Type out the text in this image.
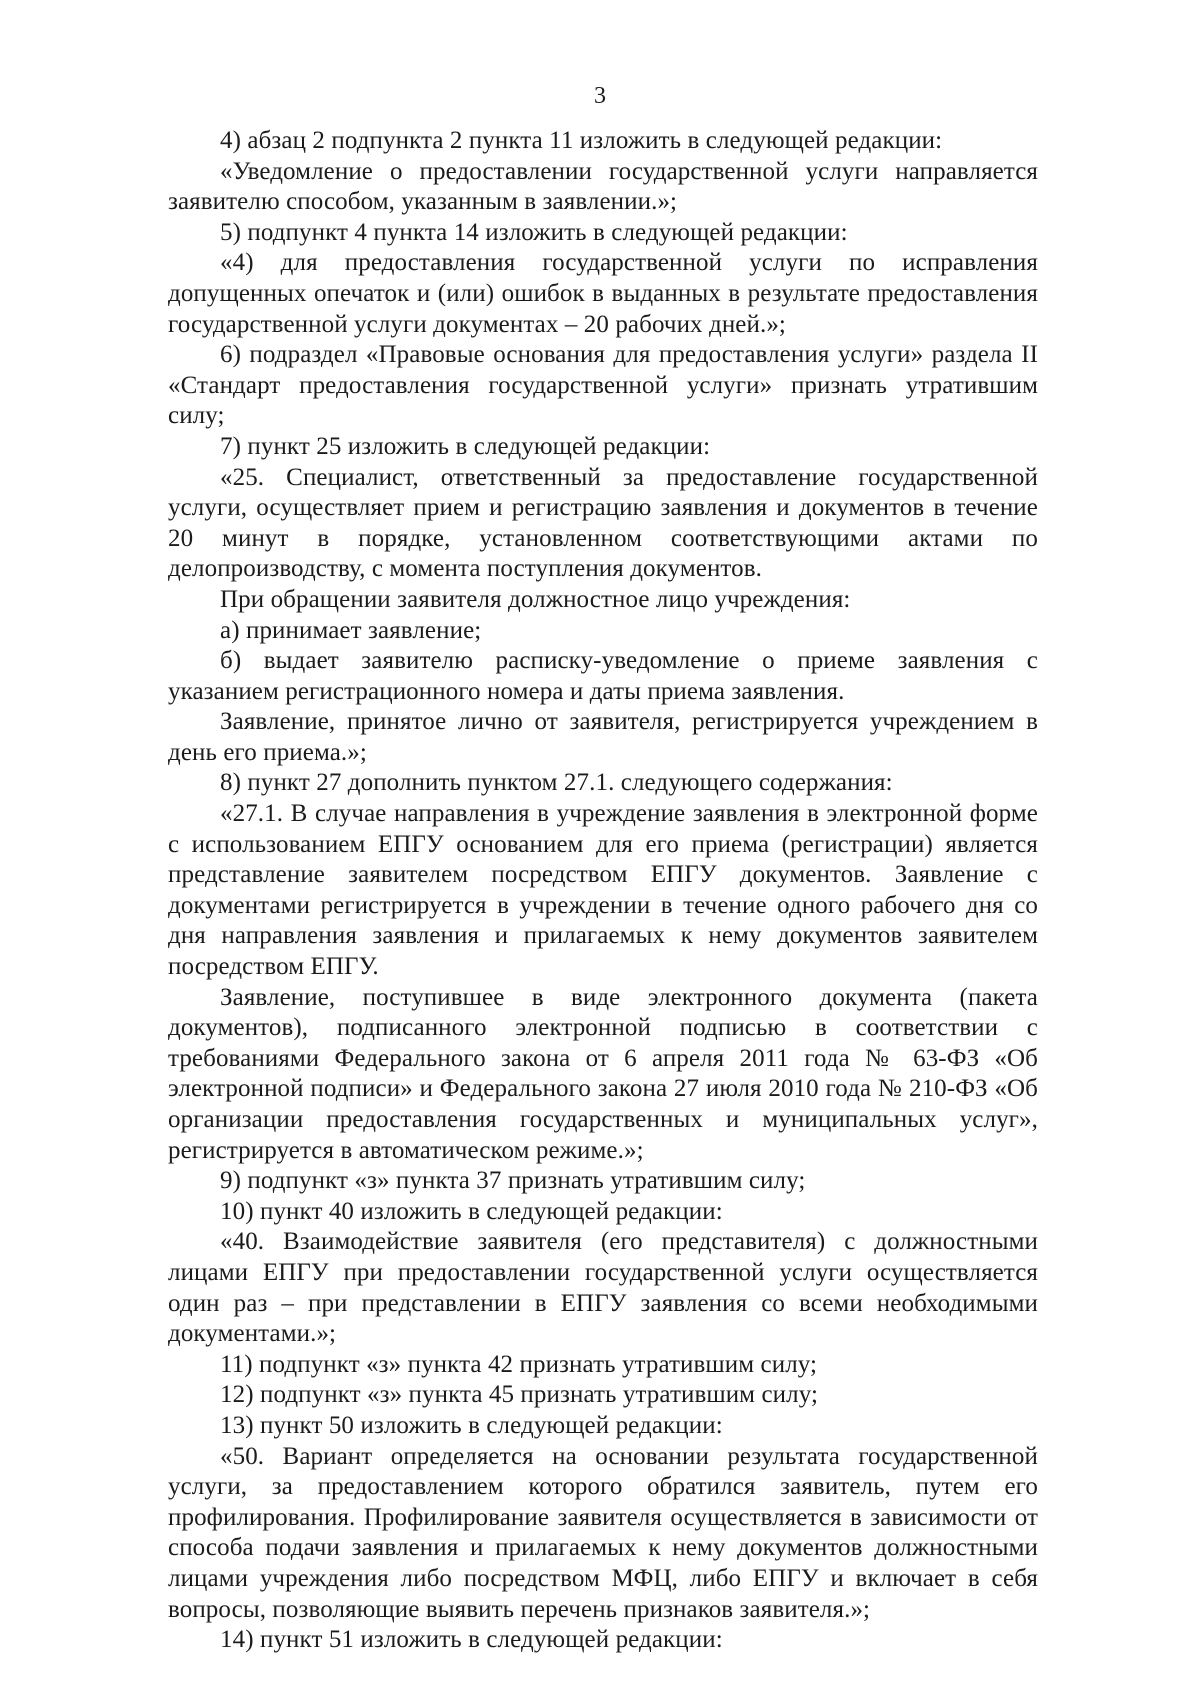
3

4) абзац 2 подпункта 2 пункта 11 изложить в следующей редакции:

«Уведомление о предоставлении государственной услуги направляется заявителю способом, указанным в заявлении.»;

5) подпункт 4 пункта 14 изложить в следующей редакции:

«4) для предоставления государственной услуги по исправления допущенных опечаток и (или) ошибок в выданных в результате предоставления государственной услуги документах – 20 рабочих дней.»;

6) подраздел «Правовые основания для предоставления услуги» раздела II «Стандарт предоставления государственной услуги» признать утратившим силу;

7) пункт 25 изложить в следующей редакции:

«25. Специалист, ответственный за предоставление государственной услуги, осуществляет прием и регистрацию заявления и документов в течение 20 минут в порядке, установленном соответствующими актами по делопроизводству, с момента поступления документов.

При обращении заявителя должностное лицо учреждения:

а) принимает заявление;

б) выдает заявителю расписку-уведомление о приеме заявления с указанием регистрационного номера и даты приема заявления.

Заявление, принятое лично от заявителя, регистрируется учреждением в день его приема.»;

8) пункт 27 дополнить пунктом 27.1. следующего содержания:

«27.1. В случае направления в учреждение заявления в электронной форме с использованием ЕПГУ основанием для его приема (регистрации) является представление заявителем посредством ЕПГУ документов. Заявление с документами регистрируется в учреждении в течение одного рабочего дня со дня направления заявления и прилагаемых к нему документов заявителем посредством ЕПГУ.

Заявление, поступившее в виде электронного документа (пакета документов), подписанного электронной подписью в соответствии с требованиями Федерального закона от 6 апреля 2011 года № 63-ФЗ «Об электронной подписи» и Федерального закона 27 июля 2010 года № 210-ФЗ «Об организации предоставления государственных и муниципальных услуг», регистрируется в автоматическом режиме.»;

9) подпункт «з» пункта 37 признать утратившим силу;

10) пункт 40 изложить в следующей редакции:

«40. Взаимодействие заявителя (его представителя) с должностными лицами ЕПГУ при предоставлении государственной услуги осуществляется один раз – при представлении в ЕПГУ заявления со всеми необходимыми документами.»;

11) подпункт «з» пункта 42 признать утратившим силу;

12) подпункт «з» пункта 45 признать утратившим силу;

13) пункт 50 изложить в следующей редакции:

«50. Вариант определяется на основании результата государственной услуги, за предоставлением которого обратился заявитель, путем его профилирования. Профилирование заявителя осуществляется в зависимости от способа подачи заявления и прилагаемых к нему документов должностными лицами учреждения либо посредством МФЦ, либо ЕПГУ и включает в себя вопросы, позволяющие выявить перечень признаков заявителя.»;

14) пункт 51 изложить в следующей редакции:
